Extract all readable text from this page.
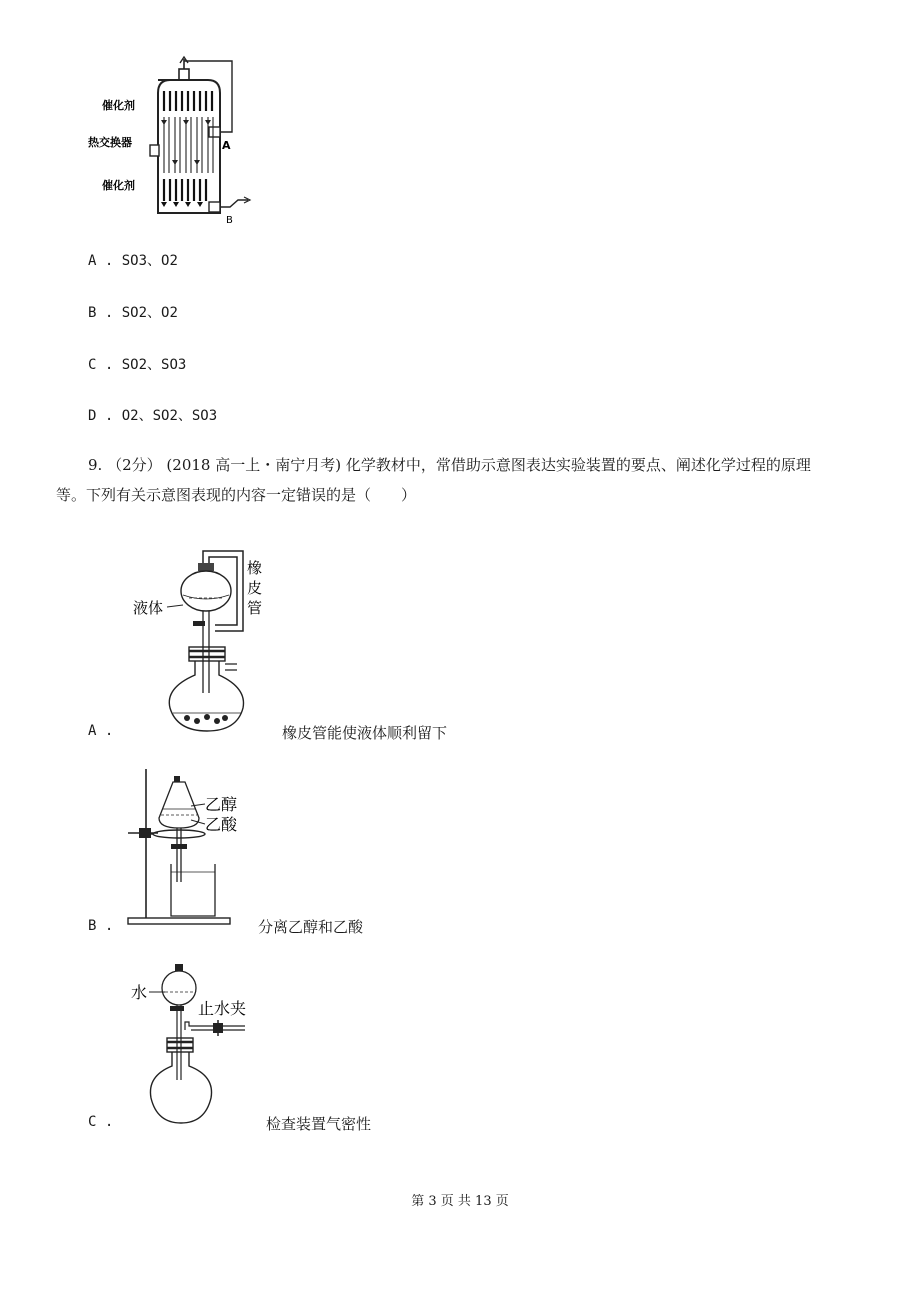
催化剂
热交换器
催化剂
A
B
A . SO3、O2
B . SO2、O2
C . SO2、SO3
D . O2、SO2、SO3
9. （2分） (2018 高一上・南宁月考) 化学教材中，常借助示意图表达实验装置的要点、阐述化学过程的原理
等。下列有关示意图表现的内容一定错误的是（　　）
液体
橡
皮
管
A .	橡皮管能使液体顺利留下
乙醇
乙酸
B .	分离乙醇和乙酸
水
止水夹
C .	检查装置气密性
第 3 页 共 13 页
